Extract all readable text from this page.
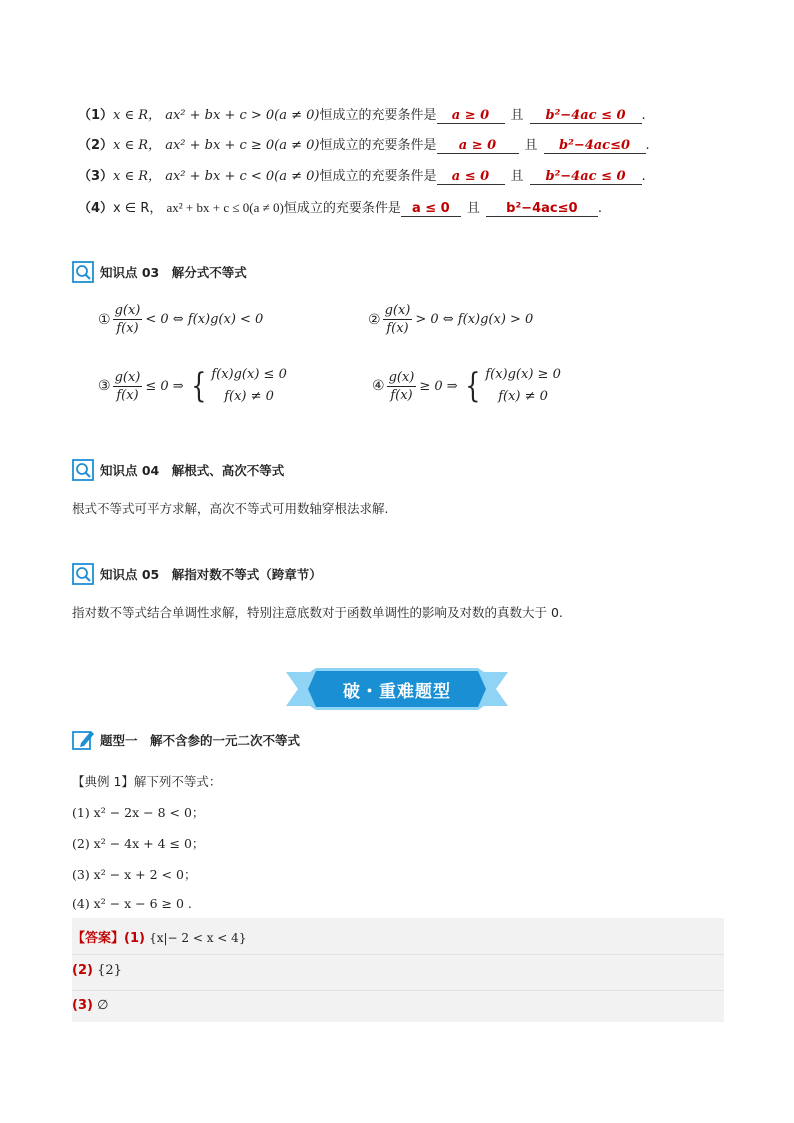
（1）x ∈ R， ax² + bx + c > 0(a ≠ 0)恒成立的充要条件是 a ≥ 0 且 b²−4ac ≤ 0 .
（2）x ∈ R， ax² + bx + c ≥ 0(a ≠ 0)恒成立的充要条件是 a ≥ 0 且 b²−4ac≤0 .
（3）x ∈ R， ax² + bx + c < 0(a ≠ 0)恒成立的充要条件是 a ≤ 0 且 b²−4ac ≤ 0 .
（4）x ∈ R， ax² + bx + c ≤ 0(a ≠ 0)恒成立的充要条件是 a ≤ 0 且 b²−4ac≤0 .
知识点 03　解分式不等式
① $\frac{g(x)}{f(x)} < 0$ ⇔ f(x)g(x) < 0	② $\frac{g(x)}{f(x)} > 0$ ⇔ f(x)g(x) > 0
③ $\frac{g(x)}{f(x)} \le 0$ ⇒ { f(x)g(x) ≤ 0
f(x) ≠ 0
④ $\frac{g(x)}{f(x)} \ge 0$ ⇒ { f(x)g(x) ≥ 0
f(x) ≠ 0
知识点 04　解根式、高次不等式
根式不等式可平方求解，高次不等式可用数轴穿根法求解.
知识点 05　解指对数不等式（跨章节）
指对数不等式结合单调性求解，特别注意底数对于函数单调性的影响及对数的真数大于 0.
破・重难题型
题型一　解不含参的一元二次不等式
【典例 1】解下列不等式：
(1) x² − 2x − 8 < 0；
(2) x² − 4x + 4 ≤ 0；
(3) x² − x + 2 < 0；
(4) x² − x − 6 ≥ 0 .
【答案】(1) {x|− 2 < x < 4}
(2) {2}
(3) ∅
